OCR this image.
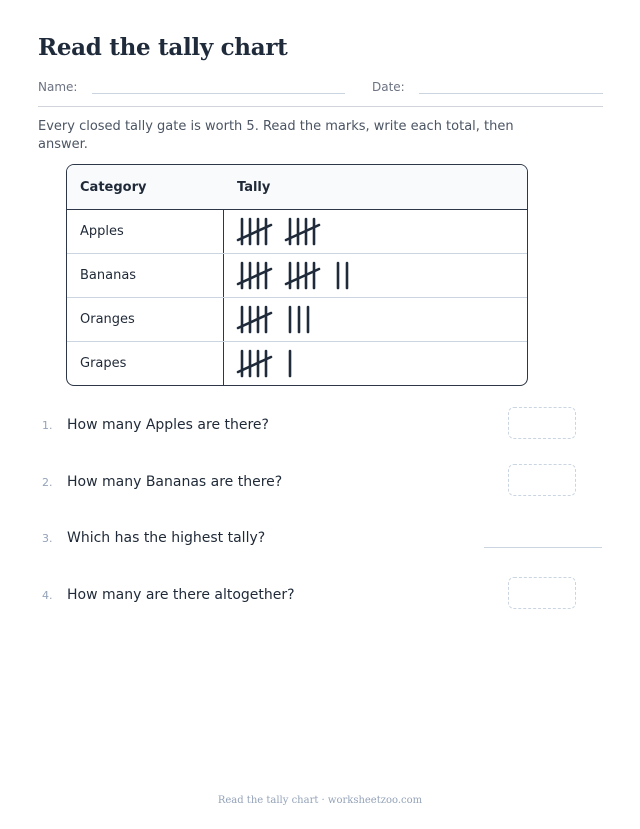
Read the tally chart
Name:	Date:
Every closed tally gate is worth 5. Read the marks, write each total, then answer.
Category	Tally
Apples
Bananas
Oranges
Grapes
1. How many Apples are there?
2. How many Bananas are there?
3. Which has the highest tally?
4. How many are there altogether?
Read the tally chart · worksheetzoo.com
